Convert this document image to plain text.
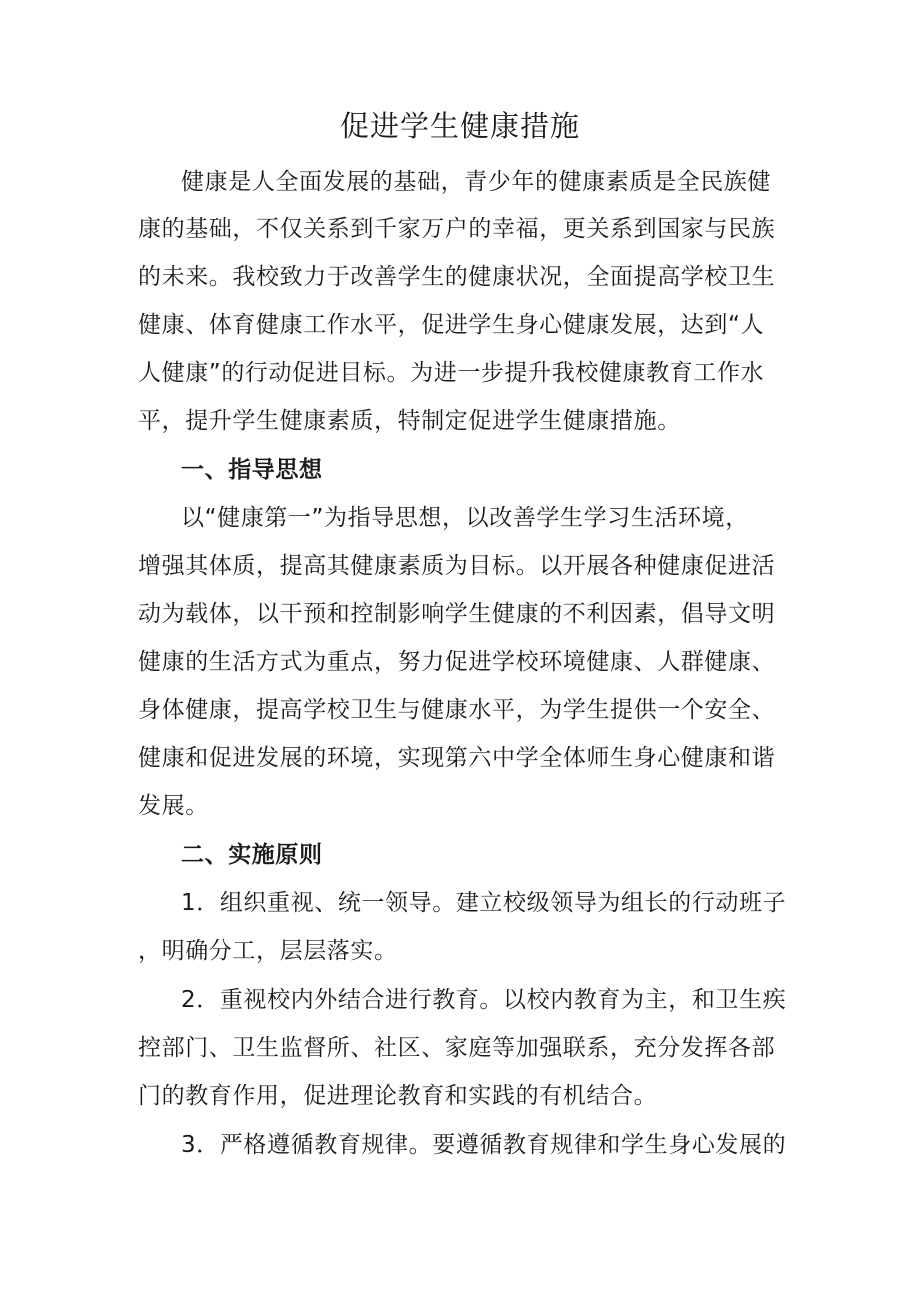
促进学生健康措施

健康是人全面发展的基础，青少年的健康素质是全民族健

康的基础，不仅关系到千家万户的幸福，更关系到国家与民族

的未来。我校致力于改善学生的健康状况，全面提高学校卫生

健康、体育健康工作水平，促进学生身心健康发展，达到“人

人健康”的行动促进目标。为进一步提升我校健康教育工作水

平，提升学生健康素质，特制定促进学生健康措施。

一、指导思想

以“健康第一”为指导思想，以改善学生学习生活环境，

增强其体质，提高其健康素质为目标。以开展各种健康促进活

动为载体，以干预和控制影响学生健康的不利因素，倡导文明

健康的生活方式为重点，努力促进学校环境健康、人群健康、

身体健康，提高学校卫生与健康水平，为学生提供一个安全、

健康和促进发展的环境，实现第六中学全体师生身心健康和谐

发展。

二、实施原则

1．组织重视、统一领导。建立校级领导为组长的行动班子

，明确分工，层层落实。

2．重视校内外结合进行教育。以校内教育为主，和卫生疾

控部门、卫生监督所、社区、家庭等加强联系，充分发挥各部

门的教育作用，促进理论教育和实践的有机结合。

3．严格遵循教育规律。要遵循教育规律和学生身心发展的
